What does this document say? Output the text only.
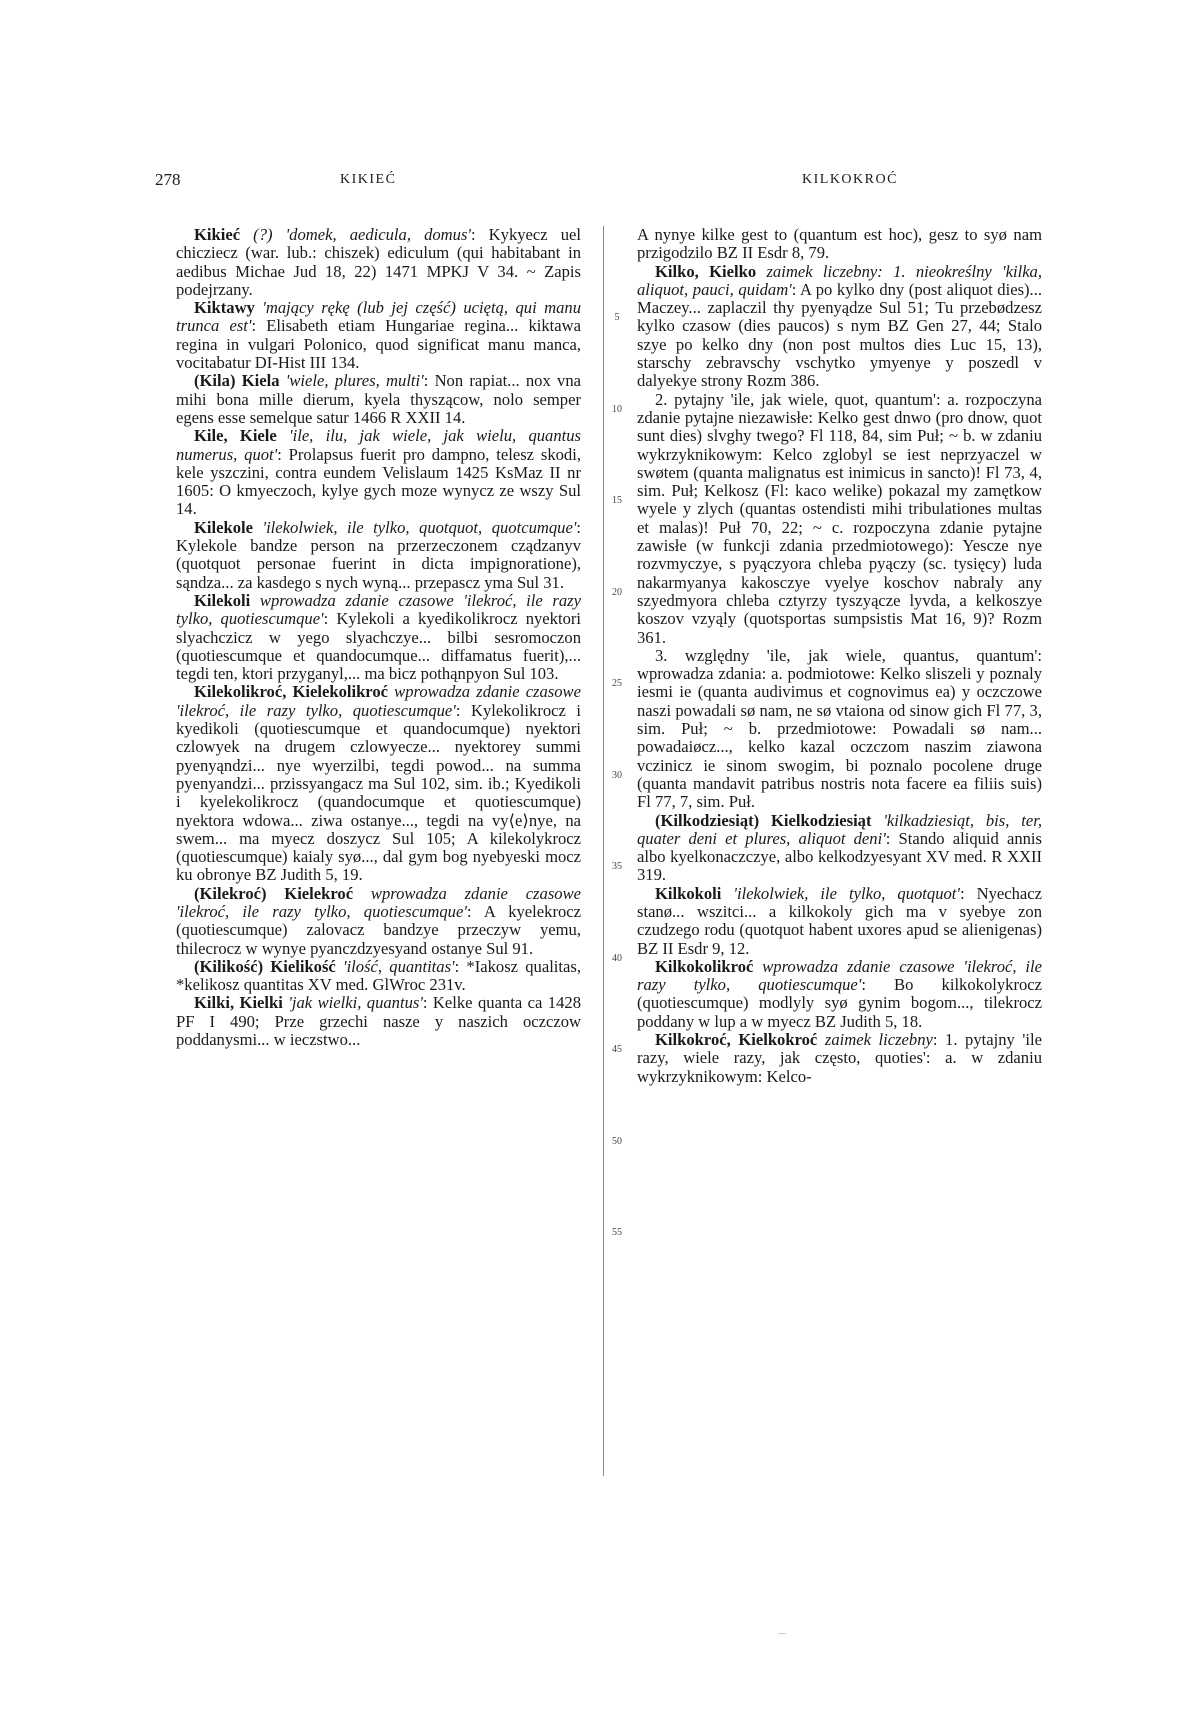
278	KIKIEĆ	KILKOKROĆ

Kikieć (?) 'domek, aedicula, domus': Kykyecz uel chicziecz (war. lub.: chiszek) ediculum (qui habitabant in aedibus Michae Jud 18, 22) 1471 MPKJ V 34. ~ Zapis podejrzany.

Kiktawy 'mający rękę (lub jej część) uciętą, qui manu trunca est': Elisabeth etiam Hungariae regina... kiktawa regina in vulgari Polonico, quod significat manu manca, vocitabatur DI-Hist III 134.

(Kila) Kiela 'wiele, plures, multi': Non rapiat... nox vna mihi bona mille dierum, kyela thyszącow, nolo semper egens esse semelque satur 1466 R XXII 14.

Kile, Kiele 'ile, ilu, jak wiele, jak wielu, quantus numerus, quot': Prolapsus fuerit pro dampno, telesz skodi, kele yszczini, contra eundem Velislaum 1425 KsMaz II nr 1605: O kmyeczoch, kylye gych moze wynycz ze wszy Sul 14.

Kilekole 'ilekolwiek, ile tylko, quotquot, quotcumque': Kylekole bandze person na przerzeczonem cządzanyv (quotquot personae fuerint in dicta impignoratione), sąndza... za kasdego s nych wyną... przepascz yma Sul 31.

Kilekoli wprowadza zdanie czasowe 'ilekroć, ile razy tylko, quotiescumque': Kylekoli a kyedikolikrocz nyektori slyachczicz w yego slyachczye... bilbi sesromoczon (quotiescumque et quandocumque... diffamatus fuerit),... tegdi ten, ktori przyganyl,... ma bicz pothąnpyon Sul 103.

Kilekolikroć, Kielekolikroć wprowadza zdanie czasowe 'ilekroć, ile razy tylko, quotiescumque': Kylekolikrocz i kyedikoli (quotiescumque et quandocumque) nyektori czlowyek na drugem czlowyecze... nyektorey summi pyenyąndzi... nye wyerzilbi, tegdi powod... na summa pyenyandzi... przissyangacz ma Sul 102, sim. ib.; Kyedikoli i kyelekolikrocz (quandocumque et quotiescumque) nyektora wdowa... ziwa ostanye..., tegdi na vy⟨e⟩nye, na swem... ma myecz doszycz Sul 105; A kilekolykrocz (quotiescumque) kaialy syø..., dal gym bog nyebyeski mocz ku obronye BZ Judith 5, 19.

(Kilekroć) Kielekroć wprowadza zdanie czasowe 'ilekroć, ile razy tylko, quotiescumque': A kyelekrocz (quotiescumque) zalovacz bandzye przeczyw yemu, thilecrocz w wynye pyanczdzyesyand ostanye Sul 91.

(Kilikość) Kielikość 'ilość, quantitas': *Iakosz qualitas, *kelikosz quantitas XV med. GlWroc 231v.

Kilki, Kielki 'jak wielki, quantus': Kelke quanta ca 1428 PF I 490; Prze grzechi nasze y naszich oczczow poddanysmi... w ieczstwo...

5
10
15
20
25
30
35
40
45
50
55

A nynye kilke gest to (quantum est hoc), gesz to syø nam przigodzilo BZ II Esdr 8, 79.

Kilko, Kielko zaimek liczebny: 1. nieokreślny 'kilka, aliquot, pauci, quidam': A po kylko dny (post aliquot dies)... Maczey... zaplaczil thy pyenyądze Sul 51; Tu przebødzesz kylko czasow (dies paucos) s nym BZ Gen 27, 44; Stalo szye po kelko dny (non post multos dies Luc 15, 13), starschy zebravschy vschytko ymyenye y poszedl v dalyekye strony Rozm 386.

2. pytajny 'ile, jak wiele, quot, quantum': a. rozpoczyna zdanie pytajne niezawisłe: Kelko gest dnwo (pro dnow, quot sunt dies) slvghy twego? Fl 118, 84, sim Puł; ~ b. w zdaniu wykrzyknikowym: Kelco zglobyl se iest neprzyaczel w swøtem (quanta malignatus est inimicus in sancto)! Fl 73, 4, sim. Puł; Kelkosz (Fl: kaco welike) pokazal my zamętkow wyele y zlych (quantas ostendisti mihi tribulationes multas et malas)! Puł 70, 22; ~ c. rozpoczyna zdanie pytajne zawisłe (w funkcji zdania przedmiotowego): Yescze nye rozvmyczye, s pyączyora chleba pyączy (sc. tysięcy) luda nakarmyanya kakosczye vyelye koschov nabraly any szyedmyora chleba cztyrzy tyszyącze lyvda, a kelkoszye koszov vzyąly (quotsportas sumpsistis Mat 16, 9)? Rozm 361.

3. względny 'ile, jak wiele, quantus, quantum': wprowadza zdania: a. podmiotowe: Kelko sliszeli y poznaly iesmi ie (quanta audivimus et cognovimus ea) y oczczowe naszi powadali sø nam, ne sø vtaiona od sinow gich Fl 77, 3, sim. Puł; ~ b. przedmiotowe: Powadali sø nam... powadaiøcz..., kelko kazal oczczom naszim ziawona vczinicz ie sinom swogim, bi poznalo pocolene druge (quanta mandavit patribus nostris nota facere ea filiis suis) Fl 77, 7, sim. Puł.

(Kilkodziesiąt) Kielkodziesiąt 'kilkadziesiąt, bis, ter, quater deni et plures, aliquot deni': Stando aliquid annis albo kyelkonaczczye, albo kelkodzyesyant XV med. R XXII 319.

Kilkokoli 'ilekolwiek, ile tylko, quotquot': Nyechacz stanø... wszitci... a kilkokoly gich ma v syebye zon czudzego rodu (quotquot habent uxores apud se alienigenas) BZ II Esdr 9, 12.

Kilkokolikroć wprowadza zdanie czasowe 'ilekroć, ile razy tylko, quotiescumque': Bo kilkokolykrocz (quotiescumque) modlyly syø gynim bogom..., tilekrocz poddany w lup a w myecz BZ Judith 5, 18.

Kilkokroć, Kielkokroć zaimek liczebny: 1. pytajny 'ile razy, wiele razy, jak często, quoties': a. w zdaniu wykrzyknikowym: Kelco-
